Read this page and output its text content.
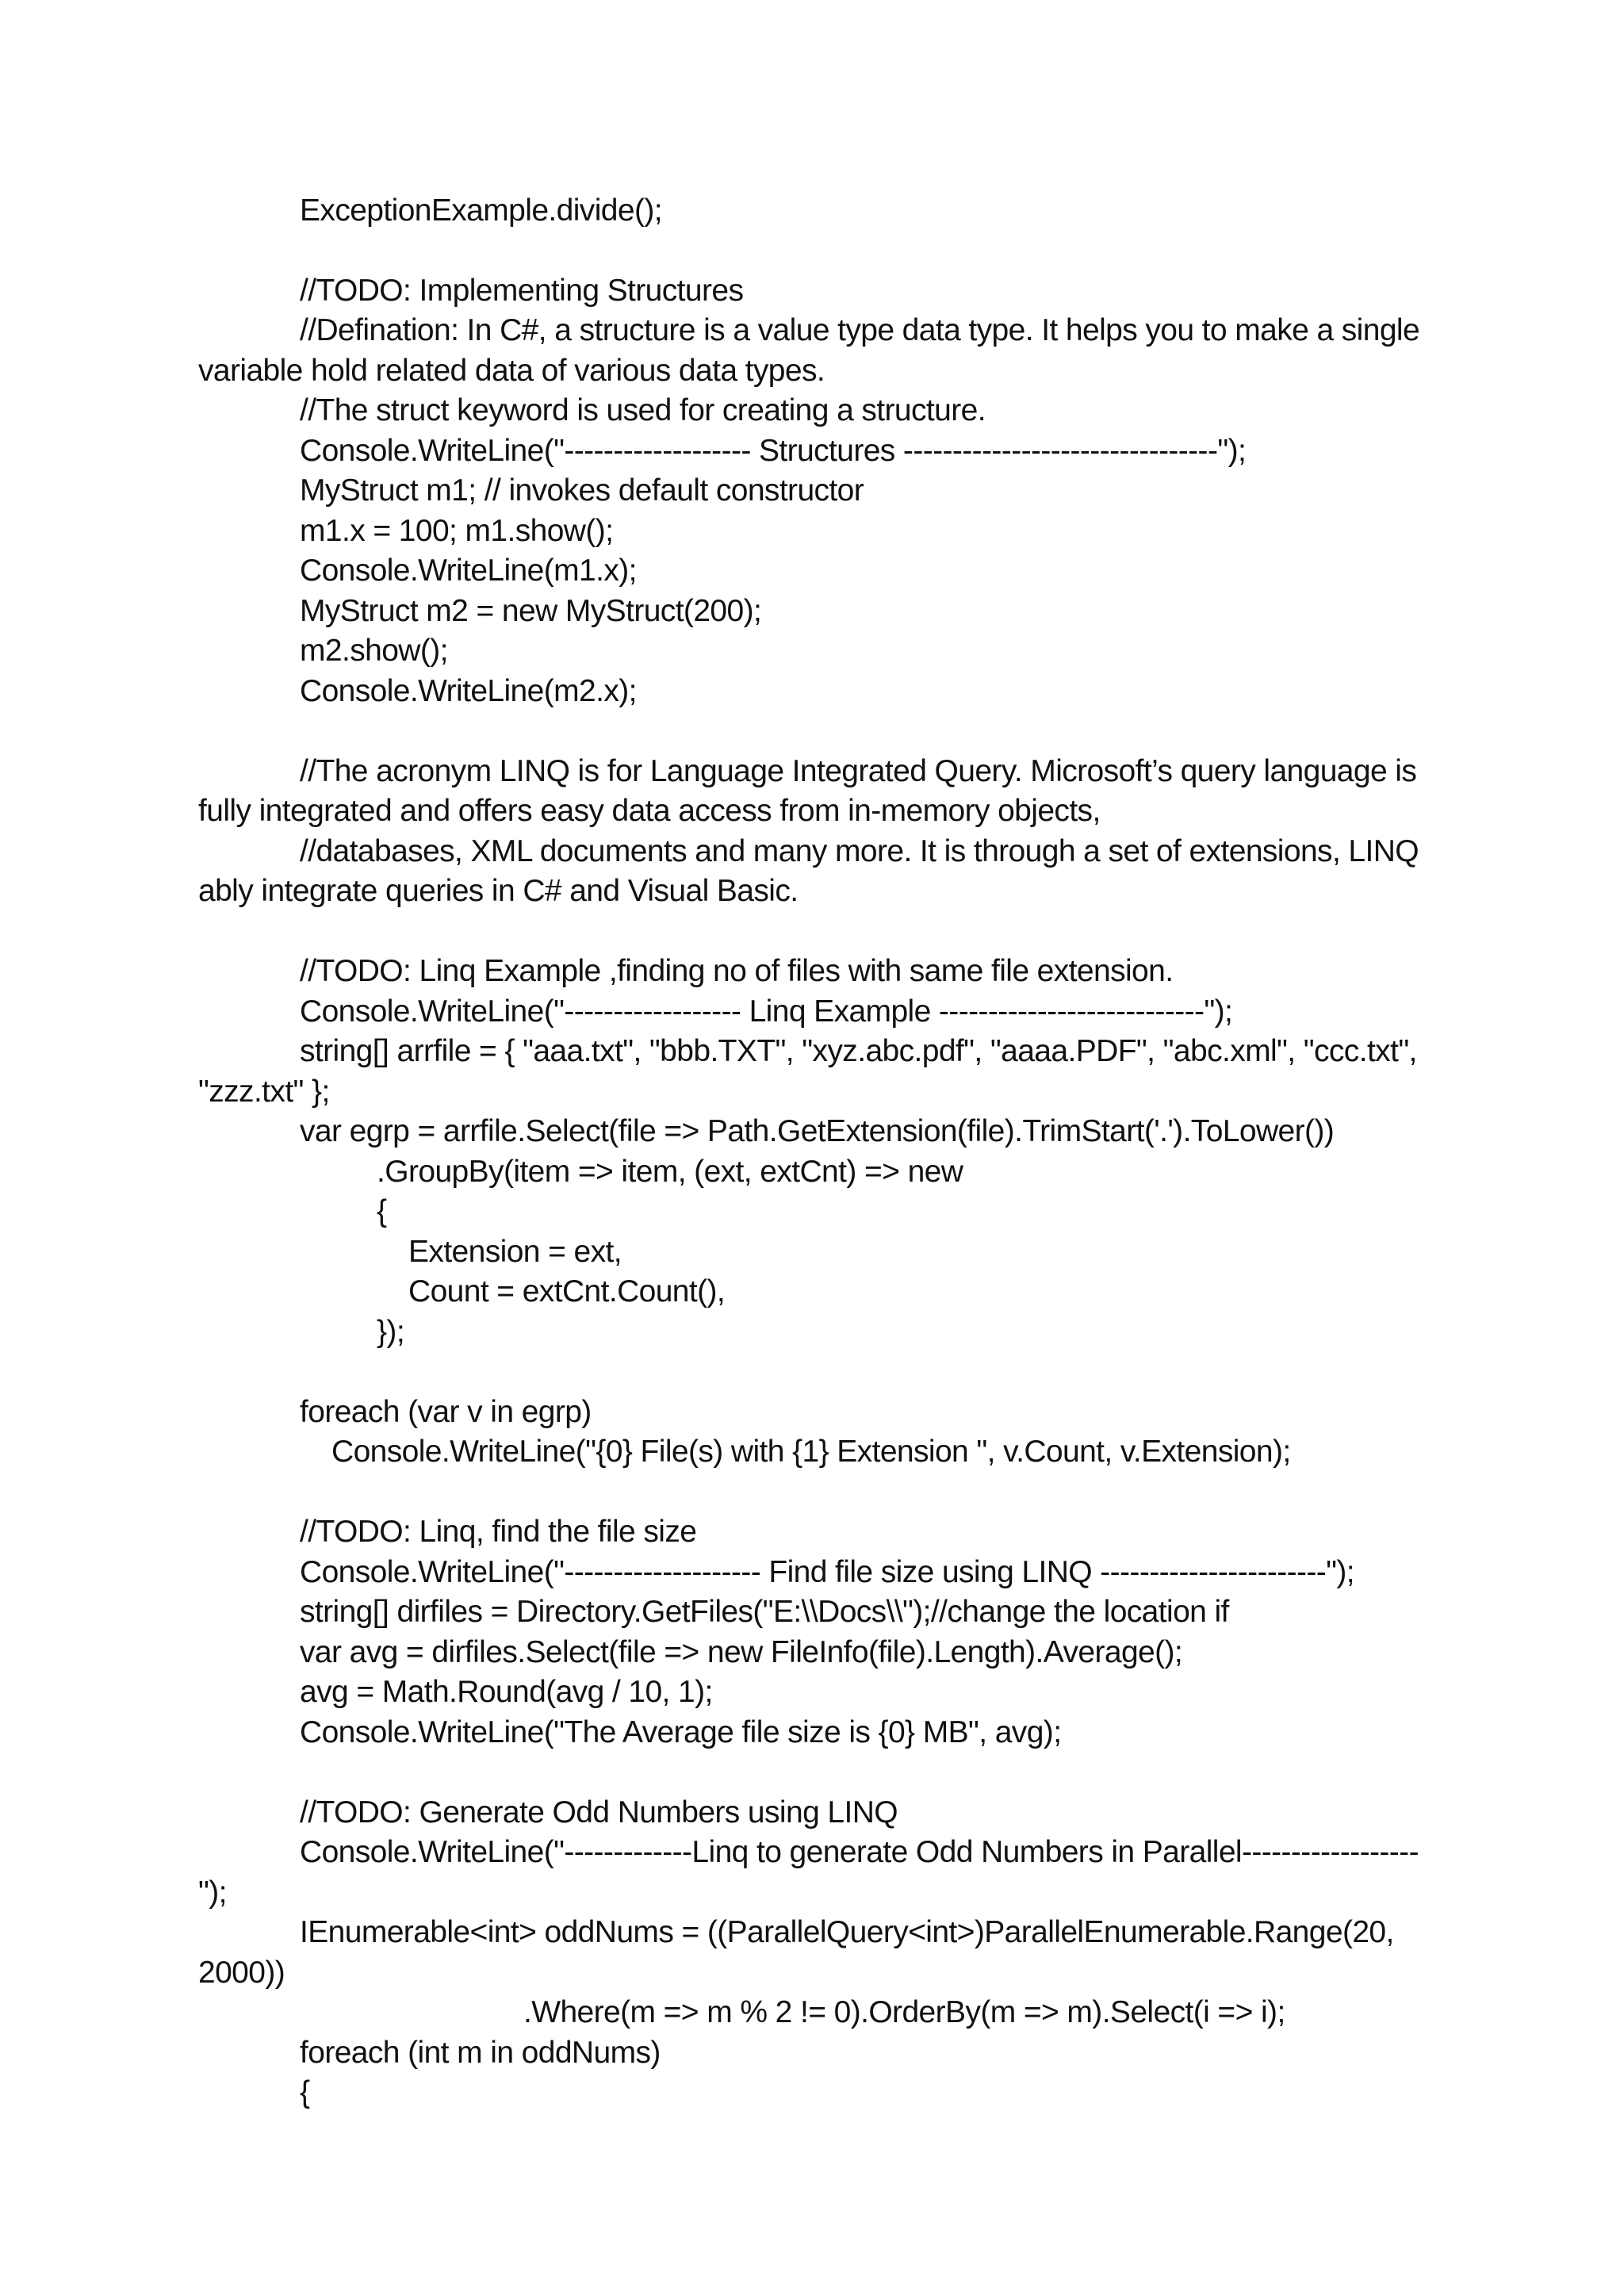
ExceptionExample.divide();
//TODO: Implementing Structures
//Defination: In C#, a structure is a value type data type. It helps you to make a single
variable hold related data of various data types.
//The struct keyword is used for creating a structure.
Console.WriteLine("------------------- Structures --------------------------------");
MyStruct m1; // invokes default constructor
m1.x = 100; m1.show();
Console.WriteLine(m1.x);
MyStruct m2 = new MyStruct(200);
m2.show();
Console.WriteLine(m2.x);
//The acronym LINQ is for Language Integrated Query. Microsoft’s query language is
fully integrated and offers easy data access from in-memory objects,
//databases, XML documents and many more. It is through a set of extensions, LINQ
ably integrate queries in C# and Visual Basic.
//TODO: Linq Example ,finding no of files with same file extension.
Console.WriteLine("------------------ Linq Example ---------------------------");
string[] arrfile = { "aaa.txt", "bbb.TXT", "xyz.abc.pdf", "aaaa.PDF", "abc.xml", "ccc.txt",
"zzz.txt" };
var egrp = arrfile.Select(file => Path.GetExtension(file).TrimStart('.').ToLower())
.GroupBy(item => item, (ext, extCnt) => new
{
Extension = ext,
Count = extCnt.Count(),
});
foreach (var v in egrp)
Console.WriteLine("{0} File(s) with {1} Extension ", v.Count, v.Extension);
//TODO: Linq, find the file size
Console.WriteLine("-------------------- Find file size using LINQ -----------------------");
string[] dirfiles = Directory.GetFiles("E:\\Docs\\");//change the location if
var avg = dirfiles.Select(file => new FileInfo(file).Length).Average();
avg = Math.Round(avg / 10, 1);
Console.WriteLine("The Average file size is {0} MB", avg);
//TODO: Generate Odd Numbers using LINQ
Console.WriteLine("-------------Linq to generate Odd Numbers in Parallel------------------
");
IEnumerable<int> oddNums = ((ParallelQuery<int>)ParallelEnumerable.Range(20,
2000))
.Where(m => m % 2 != 0).OrderBy(m => m).Select(i => i);
foreach (int m in oddNums)
{
